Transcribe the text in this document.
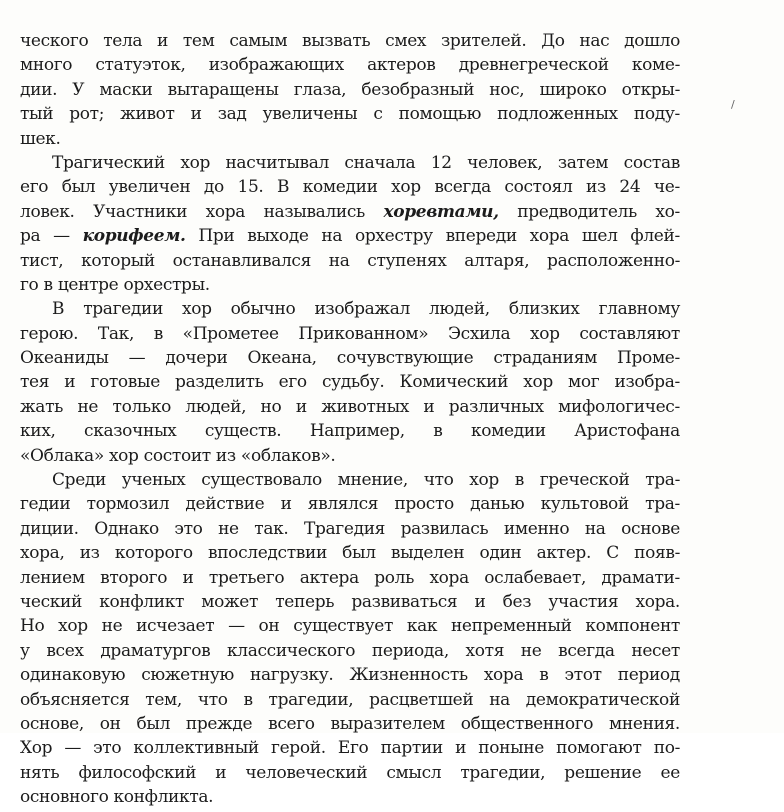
ческого тела и тем самым вызвать смех зрителей. До нас дошло
много статуэток, изображающих актеров древнегреческой коме-
дии. У маски вытаращены глаза, безобразный нос, широко откры-
тый рот; живот и зад увеличены с помощью подложенных поду-
шек.
Трагический хор насчитывал сначала 12 человек, затем состав
его был увеличен до 15. В комедии хор всегда состоял из 24 че-
ловек. Участники хора назывались хоревтами, предводитель хо-
ра — корифеем. При выходе на орхестру впереди хора шел флей-
тист, который останавливался на ступенях алтаря, расположенно-
го
в
центре
орхестры.
В трагедии хор обычно изображал людей, близких главному
герою. Так, в «Прометее Прикованном» Эсхила хор составляют
Океаниды — дочери Океана, сочувствующие страданиям Проме-
тея и готовые разделить его судьбу. Комический хор мог изобра-
жать не только людей, но и животных и различных мифологичес-
ких, сказочных существ. Например, в комедии Аристофана
«Облака»
хор
состоит
из
«облаков».
Среди ученых существовало мнение, что хор в греческой тра-
гедии тормозил действие и являлся просто данью культовой тра-
диции. Однако это не так. Трагедия развилась именно на основе
хора, из которого впоследствии был выделен один актер. С появ-
лением второго и третьего актера роль хора ослабевает, драмати-
ческий конфликт может теперь развиваться и без участия хора.
Но хор не исчезает — он существует как непременный компонент
у всех драматургов классического периода, хотя не всегда несет
одинаковую сюжетную нагрузку. Жизненность хора в этот период
объясняется тем, что в трагедии, расцветшей на демократической
основе, он был прежде всего выразителем общественного мнения.
Хор — это коллективный герой. Его партии и поныне помогают по-
нять философский и человеческий смысл трагедии, решение ее
основного
конфликта.
/
